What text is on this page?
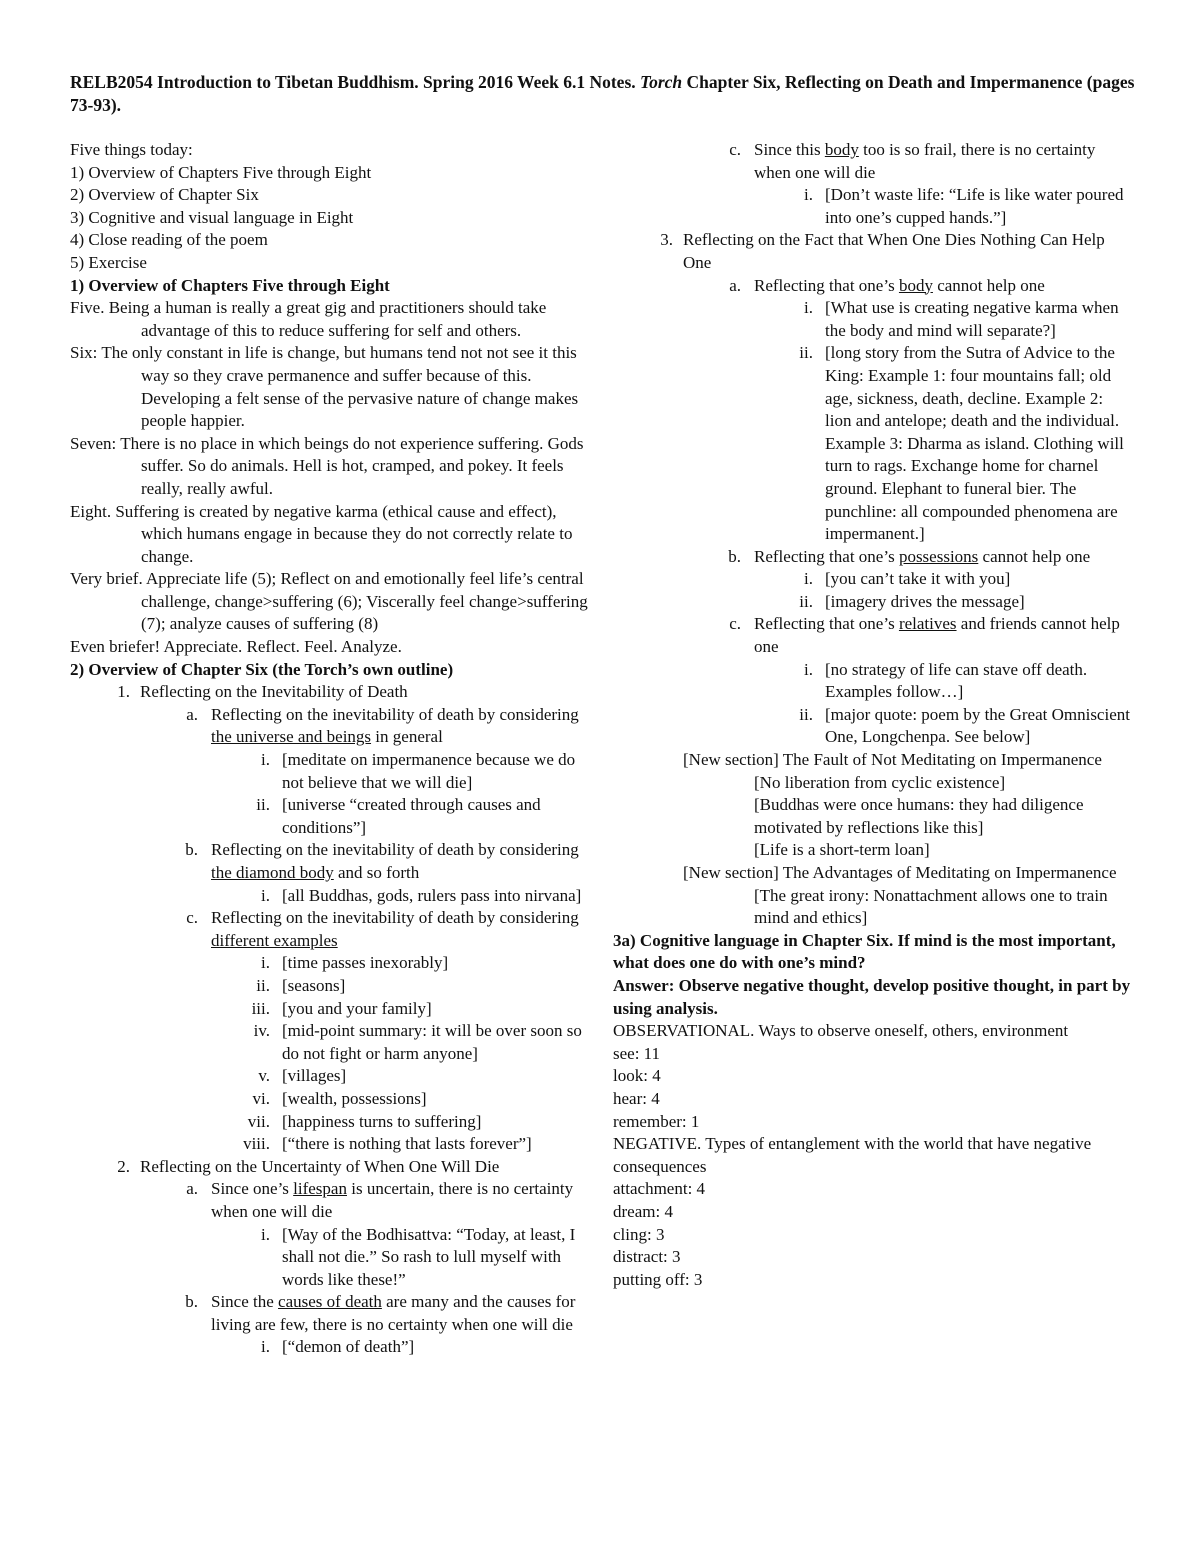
RELB2054 Introduction to Tibetan Buddhism. Spring 2016 Week 6.1 Notes. Torch Chapter Six, Reflecting on Death and Impermanence (pages 73-93).

Five things today:

1) Overview of Chapters Five through Eight

2) Overview of Chapter Six

3) Cognitive and visual language in Eight

4) Close reading of the poem

5) Exercise

1) Overview of Chapters Five through Eight

Five. Being a human is really a great gig and practitioners should take advantage of this to reduce suffering for self and others.

Six: The only constant in life is change, but humans tend not not see it this way so they crave permanence and suffer because of this. Developing a felt sense of the pervasive nature of change makes people happier.

Seven: There is no place in which beings do not experience suffering. Gods suffer. So do animals. Hell is hot, cramped, and pokey. It feels really, really awful.

Eight. Suffering is created by negative karma (ethical cause and effect), which humans engage in because they do not correctly relate to change.

Very brief. Appreciate life (5); Reflect on and emotionally feel life’s central challenge, change>suffering (6); Viscerally feel change>suffering (7); analyze causes of suffering (8)

Even briefer! Appreciate. Reflect. Feel. Analyze.

2) Overview of Chapter Six (the Torch’s own outline)

1. Reflecting on the Inevitability of Death

a. Reflecting on the inevitability of death by considering the universe and beings in general

i. [meditate on impermanence because we do not believe that we will die]

ii. [universe “created through causes and conditions”]

b. Reflecting on the inevitability of death by considering the diamond body and so forth

i. [all Buddhas, gods, rulers pass into nirvana]

c. Reflecting on the inevitability of death by considering different examples

i. [time passes inexorably]

ii. [seasons]

iii. [you and your family]

iv. [mid-point summary: it will be over soon so do not fight or harm anyone]

v. [villages]

vi. [wealth, possessions]

vii. [happiness turns to suffering]

viii. [“there is nothing that lasts forever”]

2. Reflecting on the Uncertainty of When One Will Die

a. Since one’s lifespan is uncertain, there is no certainty when one will die

i. [Way of the Bodhisattva: “Today, at least, I shall not die.” So rash to lull myself with words like these!”

b. Since the causes of death are many and the causes for living are few, there is no certainty when one will die

i. [“demon of death”]

c. Since this body too is so frail, there is no certainty when one will die

i. [Don’t waste life: “Life is like water poured into one’s cupped hands.”]

3. Reflecting on the Fact that When One Dies Nothing Can Help One

a. Reflecting that one’s body cannot help one

i. [What use is creating negative karma when the body and mind will separate?]

ii. [long story from the Sutra of Advice to the King: Example 1: four mountains fall; old age, sickness, death, decline. Example 2: lion and antelope; death and the individual. Example 3: Dharma as island. Clothing will turn to rags. Exchange home for charnel ground. Elephant to funeral bier. The punchline: all compounded phenomena are impermanent.]

b. Reflecting that one’s possessions cannot help one

i. [you can’t take it with you]

ii. [imagery drives the message]

c. Reflecting that one’s relatives and friends cannot help one

i. [no strategy of life can stave off death. Examples follow…]

ii. [major quote: poem by the Great Omniscient One, Longchenpa. See below]

[New section] The Fault of Not Meditating on Impermanence

[No liberation from cyclic existence]

[Buddhas were once humans: they had diligence motivated by reflections like this]

[Life is a short-term loan]

[New section] The Advantages of Meditating on Impermanence

[The great irony: Nonattachment allows one to train mind and ethics]

3a) Cognitive language in Chapter Six. If mind is the most important, what does one do with one’s mind?

Answer: Observe negative thought, develop positive thought, in part by using analysis.

OBSERVATIONAL. Ways to observe oneself, others, environment

see: 11

look: 4

hear: 4

remember: 1

NEGATIVE. Types of entanglement with the world that have negative consequences

attachment: 4

dream: 4

cling: 3

distract: 3

putting off: 3
